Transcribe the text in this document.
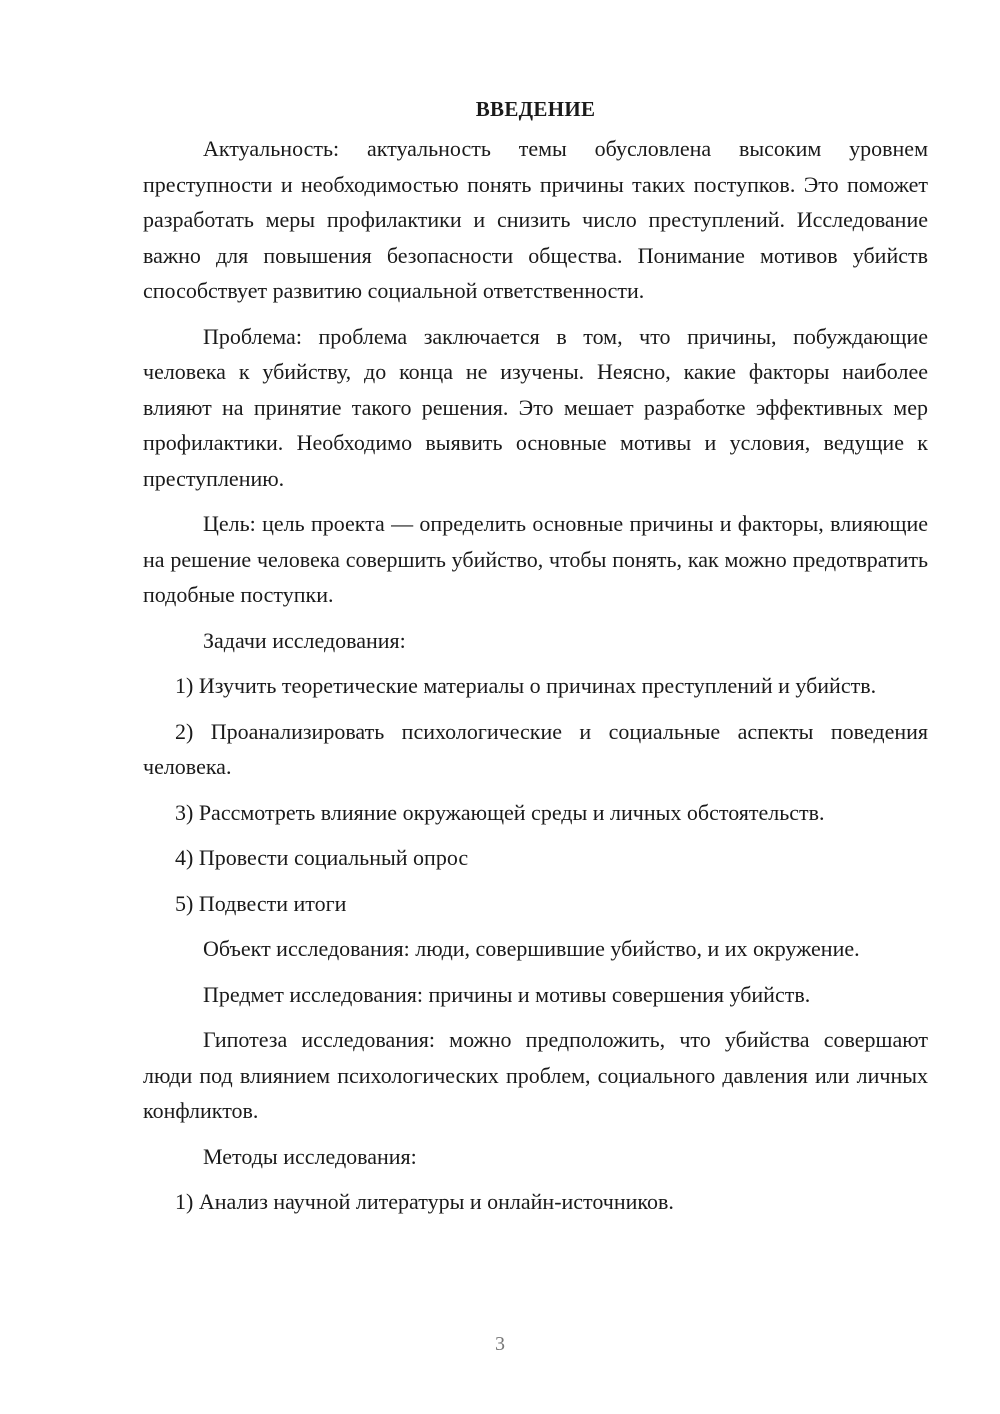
ВВЕДЕНИЕ

Актуальность: актуальность темы обусловлена высоким уровнем преступности и необходимостью понять причины таких поступков. Это поможет разработать меры профилактики и снизить число преступлений. Исследование важно для повышения безопасности общества. Понимание мотивов убийств способствует развитию социальной ответственности.

Проблема: проблема заключается в том, что причины, побуждающие человека к убийству, до конца не изучены. Неясно, какие факторы наиболее влияют на принятие такого решения. Это мешает разработке эффективных мер профилактики. Необходимо выявить основные мотивы и условия, ведущие к преступлению.

Цель: цель проекта — определить основные причины и факторы, влияющие на решение человека совершить убийство, чтобы понять, как можно предотвратить подобные поступки.

Задачи исследования:

1) Изучить теоретические материалы о причинах преступлений и убийств.

2) Проанализировать психологические и социальные аспекты поведения человека.

3) Рассмотреть влияние окружающей среды и личных обстоятельств.

4) Провести социальный опрос

5) Подвести итоги

Объект исследования: люди, совершившие убийство, и их окружение.

Предмет исследования: причины и мотивы совершения убийств.

Гипотеза исследования: можно предположить, что убийства совершают люди под влиянием психологических проблем, социального давления или личных конфликтов.

Методы исследования:

1) Анализ научной литературы и онлайн-источников.

3
